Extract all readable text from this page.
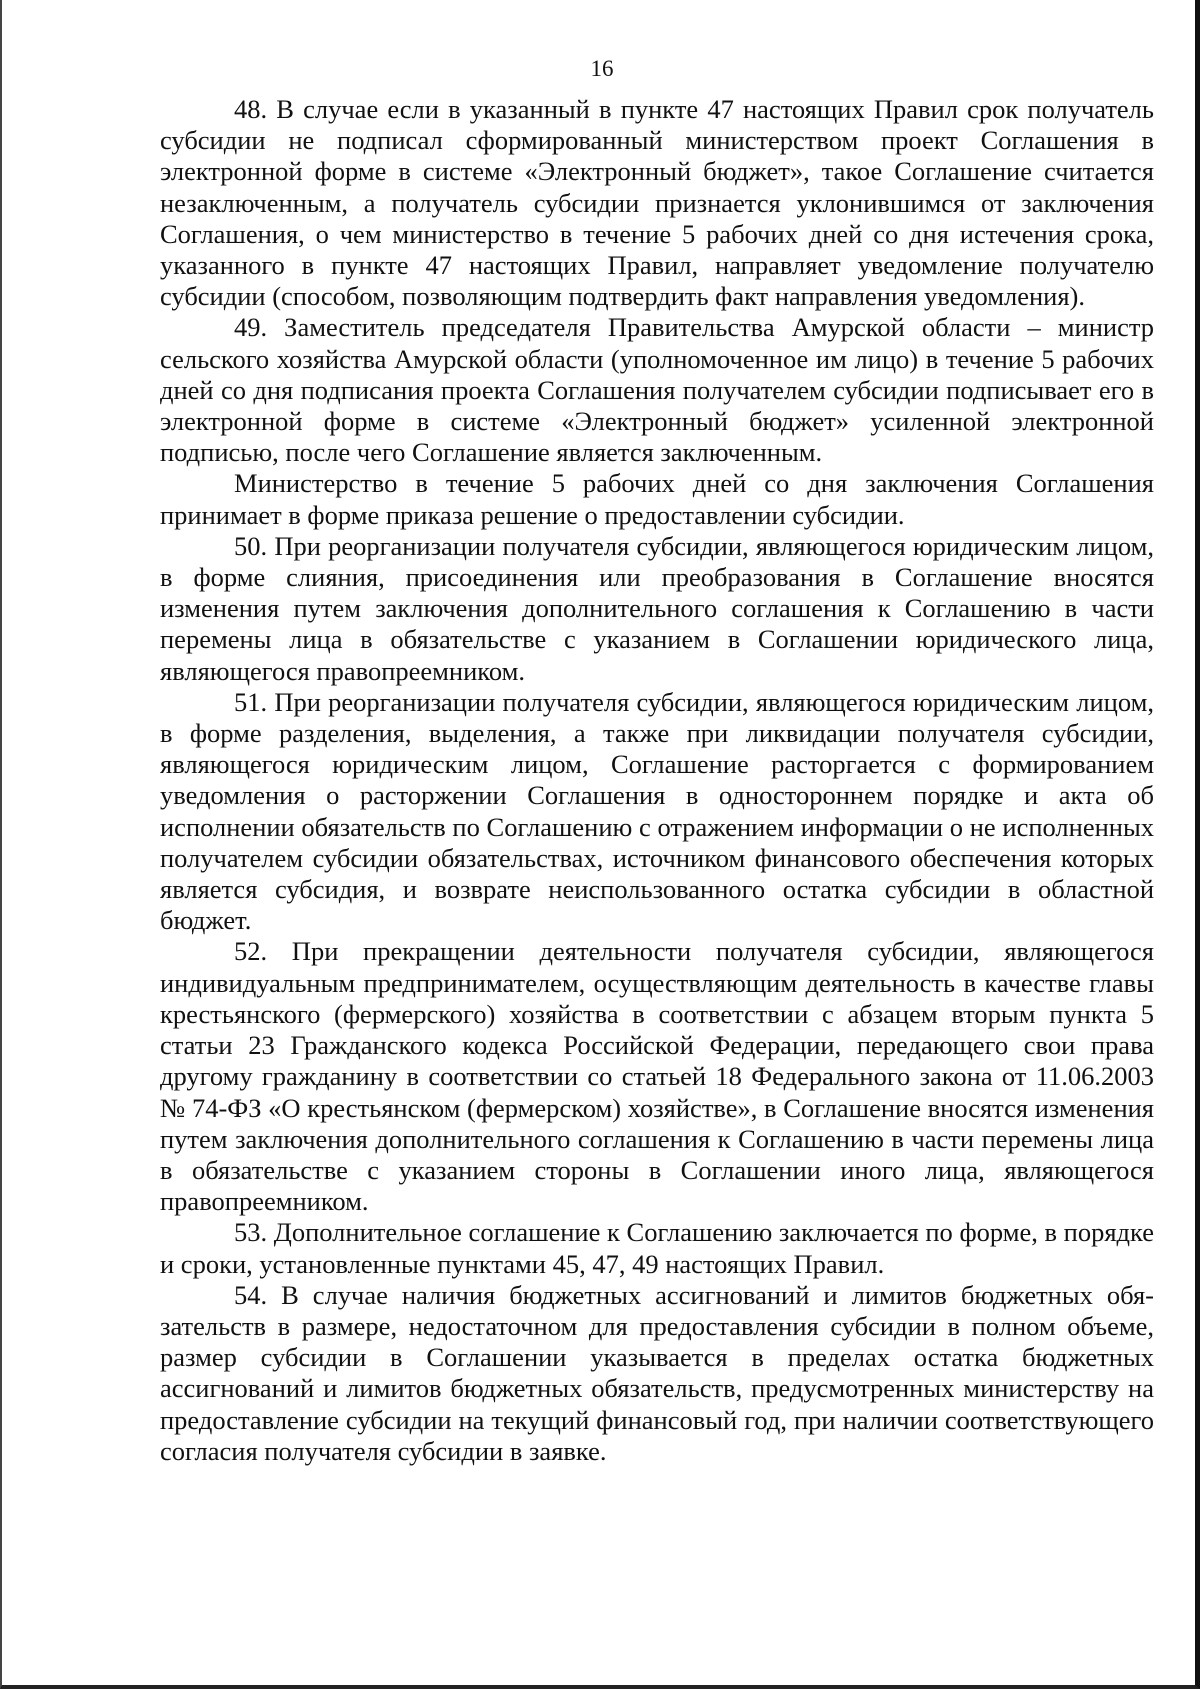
16

48. В случае если в указанный в пункте 47 настоящих Правил срок получатель субсидии не подписал сформированный министерством проект Соглашения в электронной форме в системе «Электронный бюджет», такое Соглашение считается незаключенным, а получатель субсидии признается уклонившимся от заключения Соглашения, о чем министерство в течение 5 рабочих дней со дня истечения срока, указанного в пункте 47 настоящих Правил, направляет уведомление получателю субсидии (способом, позволяющим подтвердить факт направления уведомления).

49. Заместитель председателя Правительства Амурской области – министр сельского хозяйства Амурской области (уполномоченное им лицо) в течение 5 рабочих дней со дня подписания проекта Соглашения получателем субсидии подписывает его в электронной форме в системе «Электронный бюджет» усиленной электронной подписью, после чего Соглашение является заключенным.

Министерство в течение 5 рабочих дней со дня заключения Соглашения принимает в форме приказа решение о предоставлении субсидии.

50. При реорганизации получателя субсидии, являющегося юридическим лицом, в форме слияния, присоединения или преобразования в Соглашение вносятся изменения путем заключения дополнительного соглашения к Соглашению в части перемены лица в обязательстве с указанием в Соглашении юридического лица, являющегося правопреемником.

51. При реорганизации получателя субсидии, являющегося юридическим лицом, в форме разделения, выделения, а также при ликвидации получателя субсидии, являющегося юридическим лицом, Соглашение расторгается с формированием уведомления о расторжении Соглашения в одностороннем порядке и акта об исполнении обязательств по Соглашению с отражением информации о не исполненных получателем субсидии обязательствах, источником финансового обеспечения которых является субсидия, и возврате неиспользованного остатка субсидии в областной бюджет.

52. При прекращении деятельности получателя субсидии, являющегося индивидуальным предпринимателем, осуществляющим деятельность в качестве главы крестьянского (фермерского) хозяйства в соответствии с абзацем вторым пункта 5 статьи 23 Гражданского кодекса Российской Федерации, передающего свои права другому гражданину в соответствии со статьей 18 Федерального закона от 11.06.2003 № 74-ФЗ «О крестьянском (фермерском) хозяйстве», в Соглашение вносятся изменения путем заключения дополнительного соглашения к Соглашению в части перемены лица в обязательстве с указанием стороны в Соглашении иного лица, являющегося правопреемником.

53. Дополнительное соглашение к Соглашению заключается по форме, в порядке и сроки, установленные пунктами 45, 47, 49 настоящих Правил.

54. В случае наличия бюджетных ассигнований и лимитов бюджетных обязательств в размере, недостаточном для предоставления субсидии в полном объеме, размер субсидии в Соглашении указывается в пределах остатка бюджетных ассигнований и лимитов бюджетных обязательств, предусмотренных министерству на предоставление субсидии на текущий финансовый год, при наличии соответствующего согласия получателя субсидии в заявке.
